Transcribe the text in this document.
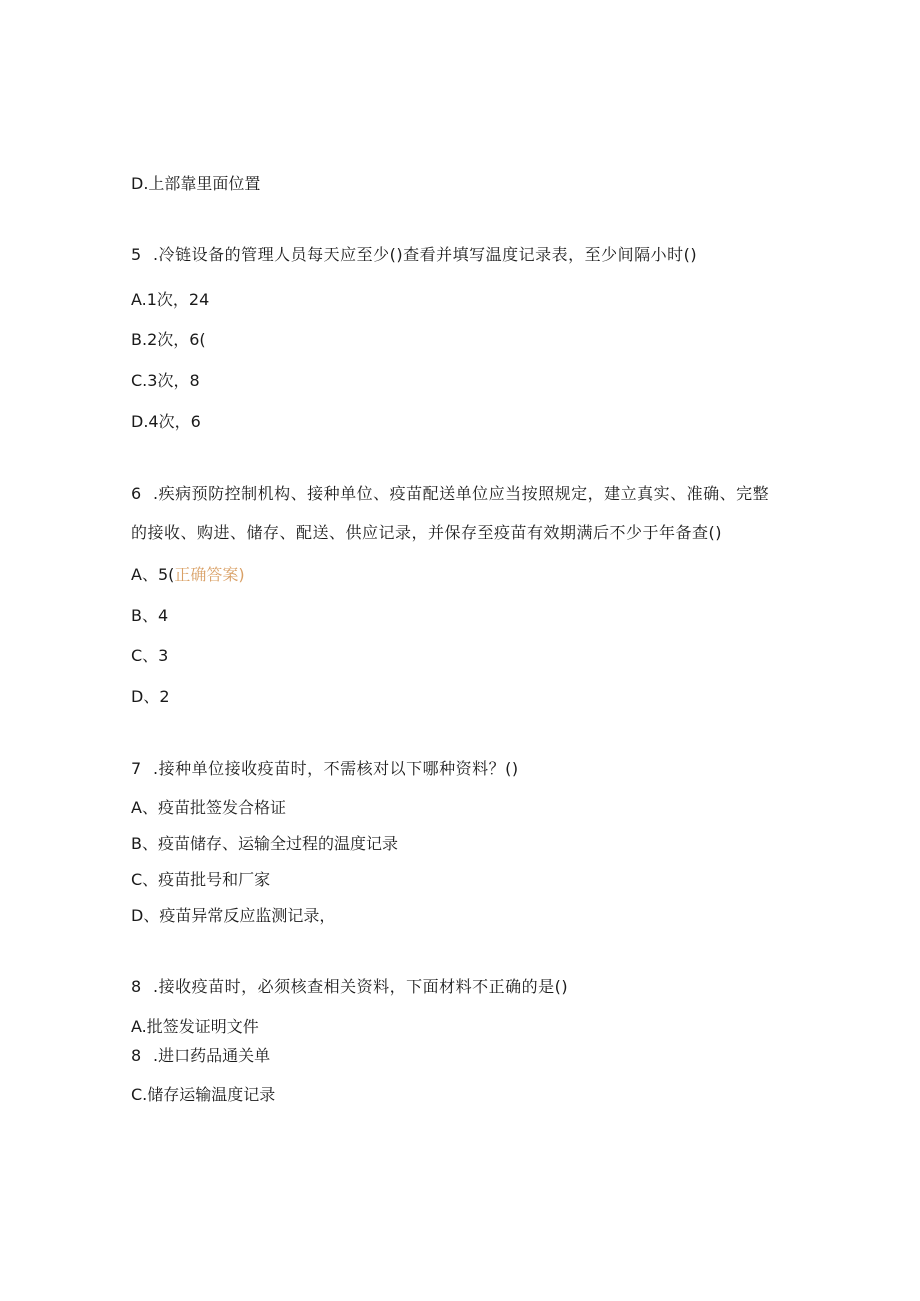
D.上部靠里面位置
5 .冷链设备的管理人员每天应至少()查看并填写温度记录表，至少间隔小时()
A.1次，24
B.2次，6(
C.3次，8
D.4次，6
6 .疾病预防控制机构、接种单位、疫苗配送单位应当按照规定，建立真实、准确、完整
的接收、购进、储存、配送、供应记录，并保存至疫苗有效期满后不少于年备查()
A、5(正确答案)
B、4
C、3
D、2
7 .接种单位接收疫苗时，不需核对以下哪种资料？()
A、疫苗批签发合格证
B、疫苗储存、运输全过程的温度记录
C、疫苗批号和厂家
D、疫苗异常反应监测记录，
8 .接收疫苗时，必须核查相关资料，下面材料不正确的是()
A.批签发证明文件
8 .进口药品通关单
C.储存运输温度记录
